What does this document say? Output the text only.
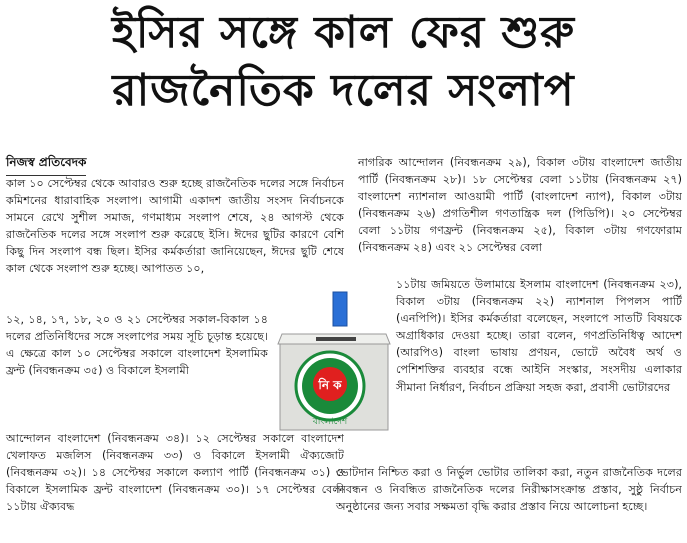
ইসির সঙ্গে কাল ফের শুরু
রাজনৈতিক দলের সংলাপ
নিজস্ব প্রতিবেদক

কাল ১০ সেপ্টেম্বর থেকে আবারও শুরু হচ্ছে রাজনৈতিক দলের সঙ্গে নির্বাচন কমিশনের ধারাবাহিক সংলাপ। আগামী একাদশ জাতীয় সংসদ নির্বাচনকে সামনে রেখে সুশীল সমাজ, গণমাধ্যম সংলাপ শেষে, ২৪ আগস্ট থেকে রাজনৈতিক দলের সঙ্গে সংলাপ শুরু করেছে ইসি। ঈদের ছুটির কারণে বেশি কিছু দিন সংলাপ বন্ধ ছিল। ইসির কর্মকর্তারা জানিয়েছেন, ঈদের ছুটি শেষে কাল থেকে সংলাপ শুরু হচ্ছে। আপাতত ১০,

১২, ১৪, ১৭, ১৮, ২০ ও ২১ সেপ্টেম্বর সকাল-বিকাল ১৪ দলের প্রতিনিধিদের সঙ্গে সংলাপের সময় সূচি চূড়ান্ত হয়েছে। এ ক্ষেত্রে কাল ১০ সেপ্টেম্বর সকালে বাংলাদেশ ইসলামিক ফ্রন্ট (নিবন্ধনক্রম ৩৫) ও বিকালে ইসলামী

আন্দোলন বাংলাদেশ (নিবন্ধনক্রম ৩৪)। ১২ সেপ্টেম্বর সকালে বাংলাদেশ খেলাফত মজলিস (নিবন্ধনক্রম ৩৩) ও বিকালে ইসলামী ঐক্যজোট (নিবন্ধনক্রম ৩২)। ১৪ সেপ্টেম্বর সকালে কল্যাণ পার্টি (নিবন্ধনক্রম ৩১) ও বিকালে ইসলামিক ফ্রন্ট বাংলাদেশ (নিবন্ধনক্রম ৩০)। ১৭ সেপ্টেম্বর বেলা ১১টায় ঐক্যবদ্ধ

নাগরিক আন্দোলন (নিবন্ধনক্রম ২৯), বিকাল ৩টায় বাংলাদেশ জাতীয় পার্টি (নিবন্ধনক্রম ২৮)। ১৮ সেপ্টেম্বর বেলা ১১টায় (নিবন্ধনক্রম ২৭) বাংলাদেশ ন্যাশনাল আওয়ামী পার্টি (বাংলাদেশ ন্যাপ), বিকাল ৩টায় (নিবন্ধনক্রম ২৬) প্রগতিশীল গণতান্ত্রিক দল (পিডিপি)। ২০ সেপ্টেম্বর বেলা ১১টায় গণফ্রন্ট (নিবন্ধনক্রম ২৫), বিকাল ৩টায় গণফোরাম (নিবন্ধনক্রম ২৪) এবং ২১ সেপ্টেম্বর বেলা

১১টায় জমিয়তে উলামায়ে ইসলাম বাংলাদেশ (নিবন্ধনক্রম ২৩), বিকাল ৩টায় (নিবন্ধনক্রম ২২) ন্যাশনাল পিপলস পার্টি (এনপিপি)। ইসির কর্মকর্তারা বলেছেন, সংলাপে সাতটি বিষয়কে অগ্রাধিকার দেওয়া হচ্ছে। তারা বলেন, গণপ্রতিনিধিত্ব আদেশ (আরপিও) বাংলা ভাষায় প্রণয়ন, ভোটে অবৈধ অর্থ ও পেশিশক্তির ব্যবহার বন্ধে আইনি সংস্কার, সংসদীয় এলাকার সীমানা নির্ধারণ, নির্বাচন প্রক্রিয়া সহজ করা, প্রবাসী ভোটারদের

ভোটদান নিশ্চিত করা ও নির্ভুল ভোটার তালিকা করা, নতুন রাজনৈতিক দলের নিবন্ধন ও নিবন্ধিত রাজনৈতিক দলের নিরীক্ষাসংক্রান্ত প্রস্তাব, সুষ্ঠু নির্বাচন অনুষ্ঠানের জন্য সবার সক্ষমতা বৃদ্ধি করার প্রস্তাব নিয়ে আলোচনা হচ্ছে।

নি ক
বাংলাদেশ
